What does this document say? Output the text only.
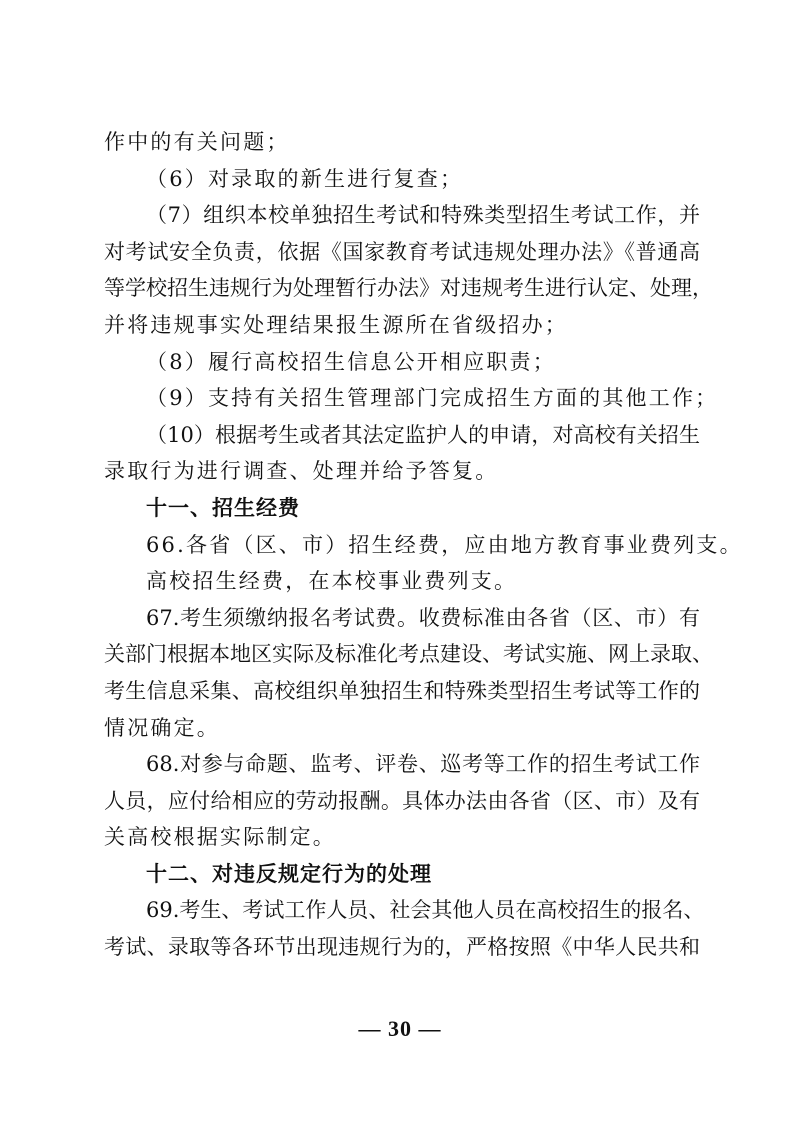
作中的有关问题；

（6）对录取的新生进行复查；

（7）组织本校单独招生考试和特殊类型招生考试工作，并

对考试安全负责，依据《国家教育考试违规处理办法》《普通高

等学校招生违规行为处理暂行办法》对违规考生进行认定、处理，

并将违规事实处理结果报生源所在省级招办；

（8）履行高校招生信息公开相应职责；

（9）支持有关招生管理部门完成招生方面的其他工作；

（10）根据考生或者其法定监护人的申请，对高校有关招生

录取行为进行调查、处理并给予答复。

十一、招生经费

66.各省（区、市）招生经费，应由地方教育事业费列支。

高校招生经费，在本校事业费列支。

67.考生须缴纳报名考试费。收费标准由各省（区、市）有

关部门根据本地区实际及标准化考点建设、考试实施、网上录取、

考生信息采集、高校组织单独招生和特殊类型招生考试等工作的

情况确定。

68.对参与命题、监考、评卷、巡考等工作的招生考试工作

人员，应付给相应的劳动报酬。具体办法由各省（区、市）及有

关高校根据实际制定。

十二、对违反规定行为的处理

69.考生、考试工作人员、社会其他人员在高校招生的报名、

考试、录取等各环节出现违规行为的，严格按照《中华人民共和

— 30 —
